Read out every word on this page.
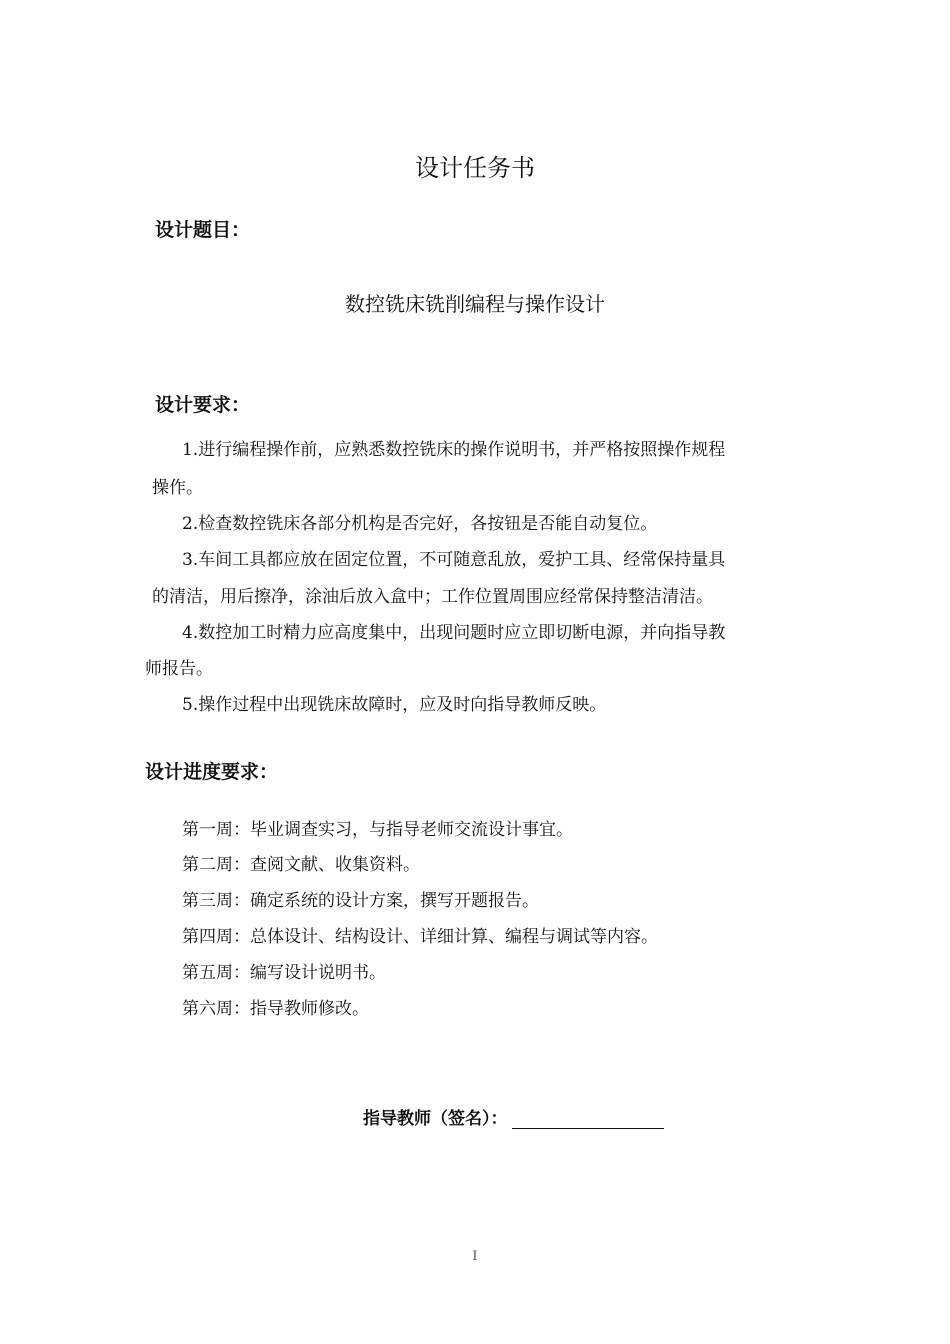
设计任务书
设计题目：
数控铣床铣削编程与操作设计
设计要求：
1.进行编程操作前，应熟悉数控铣床的操作说明书，并严格按照操作规程
操作。
2.检查数控铣床各部分机构是否完好，各按钮是否能自动复位。
3.车间工具都应放在固定位置，不可随意乱放，爱护工具、经常保持量具
的清洁，用后擦净，涂油后放入盒中；工作位置周围应经常保持整洁清洁。
4.数控加工时精力应高度集中，出现问题时应立即切断电源，并向指导教
师报告。
5.操作过程中出现铣床故障时，应及时向指导教师反映。
设计进度要求：
第一周：毕业调查实习，与指导老师交流设计事宜。
第二周：查阅文献、收集资料。
第三周：确定系统的设计方案，撰写开题报告。
第四周：总体设计、结构设计、详细计算、编程与调试等内容。
第五周：编写设计说明书。
第六周：指导教师修改。
指导教师（签名）：
I
